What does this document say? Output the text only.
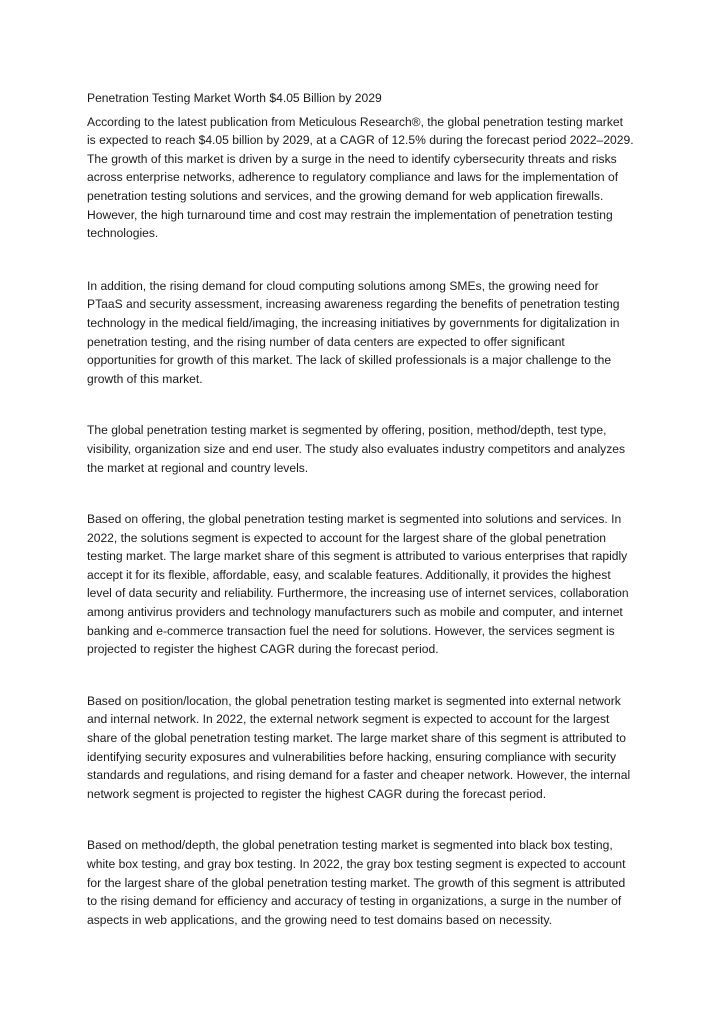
Penetration Testing Market Worth $4.05 Billion by 2029

According to the latest publication from Meticulous Research®, the global penetration testing market is expected to reach $4.05 billion by 2029, at a CAGR of 12.5% during the forecast period 2022–2029. The growth of this market is driven by a surge in the need to identify cybersecurity threats and risks across enterprise networks, adherence to regulatory compliance and laws for the implementation of penetration testing solutions and services, and the growing demand for web application firewalls. However, the high turnaround time and cost may restrain the implementation of penetration testing technologies.

In addition, the rising demand for cloud computing solutions among SMEs, the growing need for PTaaS and security assessment, increasing awareness regarding the benefits of penetration testing technology in the medical field/imaging, the increasing initiatives by governments for digitalization in penetration testing, and the rising number of data centers are expected to offer significant opportunities for growth of this market. The lack of skilled professionals is a major challenge to the growth of this market.

The global penetration testing market is segmented by offering, position, method/depth, test type, visibility, organization size and end user. The study also evaluates industry competitors and analyzes the market at regional and country levels.

Based on offering, the global penetration testing market is segmented into solutions and services. In 2022, the solutions segment is expected to account for the largest share of the global penetration testing market. The large market share of this segment is attributed to various enterprises that rapidly accept it for its flexible, affordable, easy, and scalable features. Additionally, it provides the highest level of data security and reliability. Furthermore, the increasing use of internet services, collaboration among antivirus providers and technology manufacturers such as mobile and computer, and internet banking and e-commerce transaction fuel the need for solutions. However, the services segment is projected to register the highest CAGR during the forecast period.

Based on position/location, the global penetration testing market is segmented into external network and internal network. In 2022, the external network segment is expected to account for the largest share of the global penetration testing market. The large market share of this segment is attributed to identifying security exposures and vulnerabilities before hacking, ensuring compliance with security standards and regulations, and rising demand for a faster and cheaper network. However, the internal network segment is projected to register the highest CAGR during the forecast period.

Based on method/depth, the global penetration testing market is segmented into black box testing, white box testing, and gray box testing. In 2022, the gray box testing segment is expected to account for the largest share of the global penetration testing market. The growth of this segment is attributed to the rising demand for efficiency and accuracy of testing in organizations, a surge in the number of aspects in web applications, and the growing need to test domains based on necessity.
